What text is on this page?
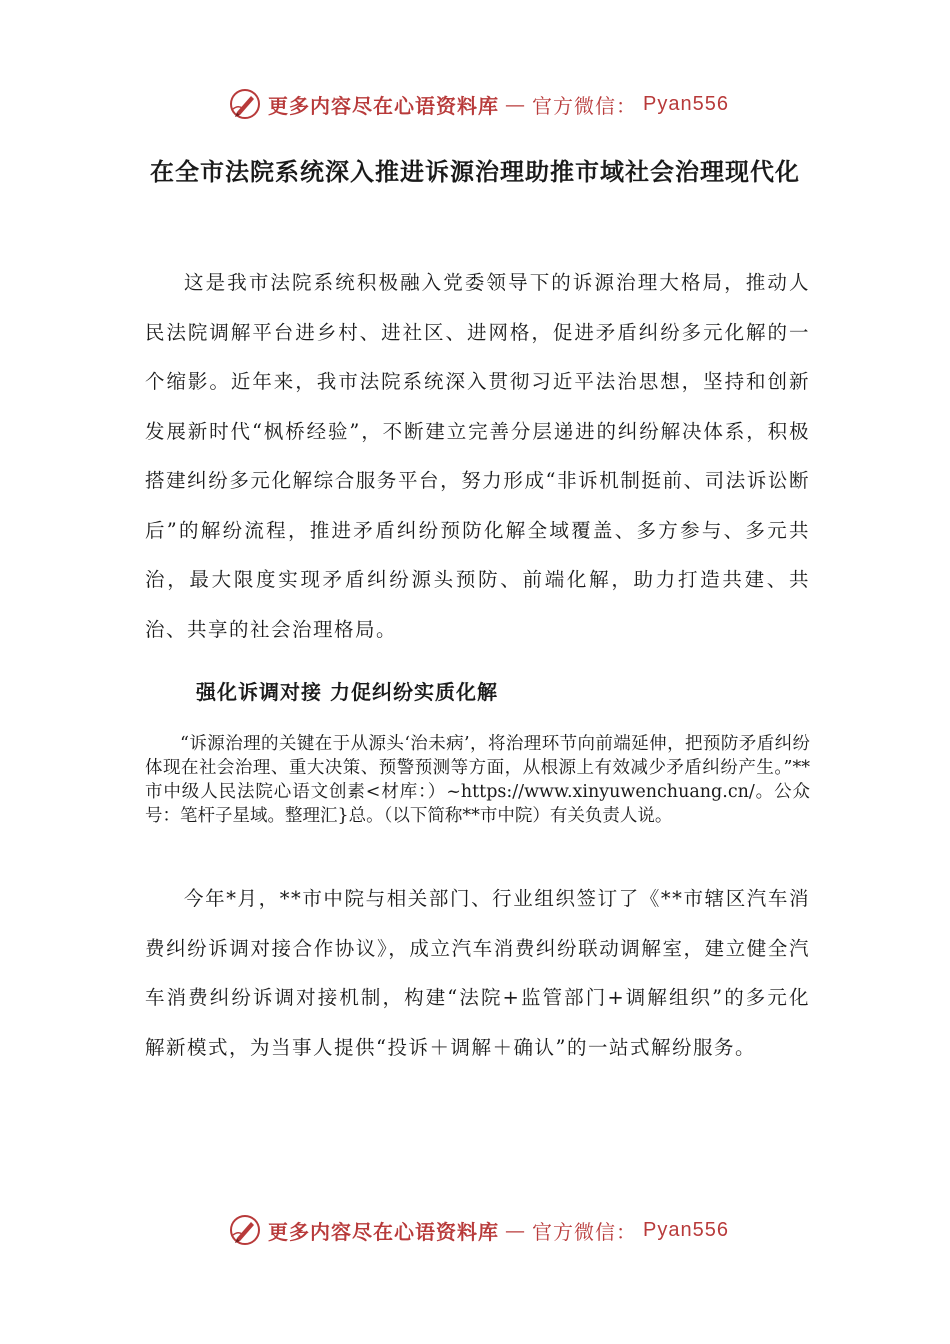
更多内容尽在心语资料库 — 官方微信： Pyan556
在全市法院系统深入推进诉源治理助推市域社会治理现代化

这是我市法院系统积极融入党委领导下的诉源治理大格局，推动人民法院调解平台进乡村、进社区、进网格，促进矛盾纠纷多元化解的一个缩影。近年来，我市法院系统深入贯彻习近平法治思想，坚持和创新发展新时代“枫桥经验”，不断建立完善分层递进的纠纷解决体系，积极搭建纠纷多元化解综合服务平台，努力形成“非诉机制挺前、司法诉讼断后”的解纷流程，推进矛盾纠纷预防化解全域覆盖、多方参与、多元共治，最大限度实现矛盾纠纷源头预防、前端化解，助力打造共建、共治、共享的社会治理格局。

强化诉调对接 力促纠纷实质化解

“诉源治理的关键在于从源头‘治未病’，将治理环节向前端延伸，把预防矛盾纠纷体现在社会治理、重大决策、预警预测等方面，从根源上有效减少矛盾纠纷产生。”**市中级人民法院心语文创素<材库：）~https://www.xinyuwenchuang.cn/。公众号：笔杆子星域。整理汇}总。（以下简称**市中院）有关负责人说。

今年*月，**市中院与相关部门、行业组织签订了《**市辖区汽车消费纠纷诉调对接合作协议》，成立汽车消费纠纷联动调解室，建立健全汽车消费纠纷诉调对接机制，构建“法院+监管部门+调解组织”的多元化解新模式，为当事人提供“投诉＋调解＋确认”的一站式解纷服务。

更多内容尽在心语资料库 — 官方微信： Pyan556
